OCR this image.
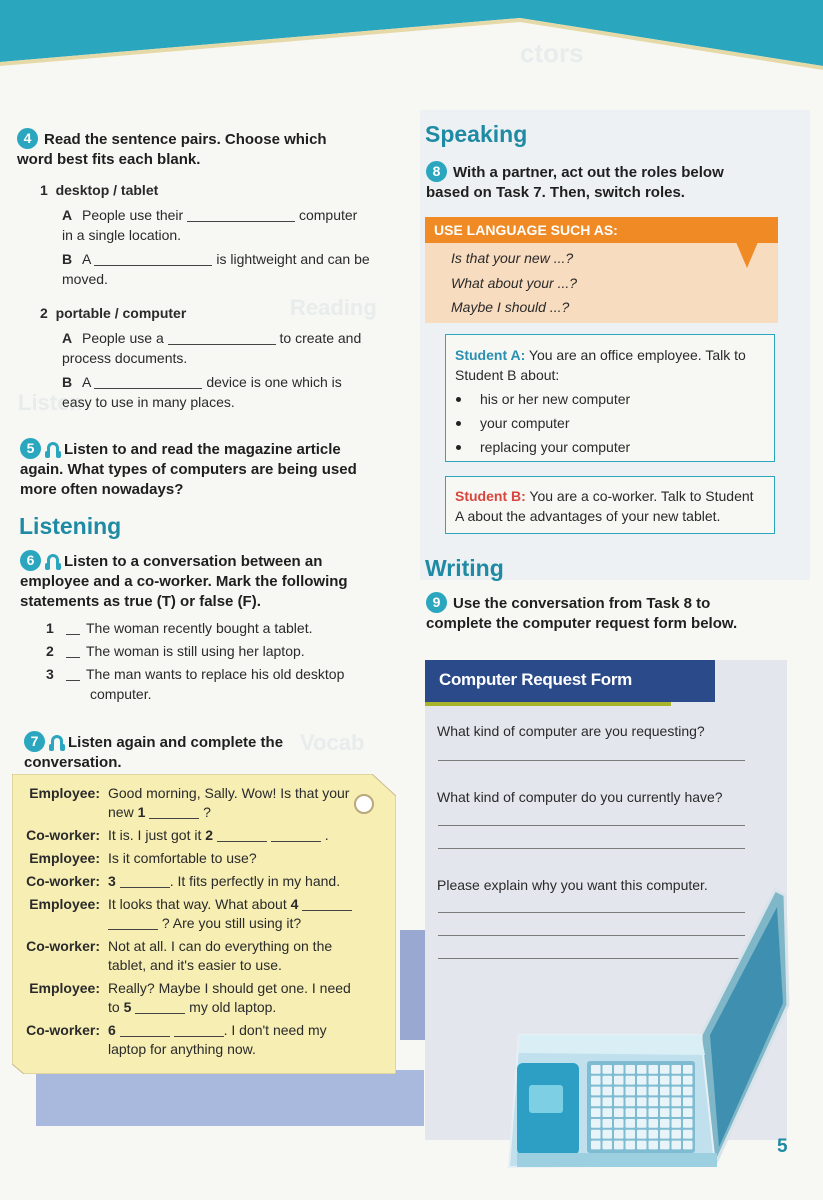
ctors
Reading
Listen
Vocab
4 Read the sentence pairs. Choose which word best fits each blank.
1 desktop / tablet
A People use their	computer in a single location.
B A	is lightweight and can be moved.
2 portable / computer
A People use a	to create and process documents.
B A	device is one which is easy to use in many places.
5 Listen to and read the magazine article again. What types of computers are being used more often nowadays?
Listening
6 Listen to a conversation between an employee and a co-worker. Mark the following statements as true (T) or false (F).
1 The woman recently bought a tablet.
2 The woman is still using her laptop.
3 The man wants to replace his old desktop computer.
7 Listen again and complete the conversation.
Employee:	Good morning, Sally. Wow! Is that your new 1 ?
Co-worker:	It is. I just got it 2 .
Employee:	Is it comfortable to use?
Co-worker:	3 . It fits perfectly in my hand.
Employee:	It looks that way. What about 4   ? Are you still using it?
Co-worker:	Not at all. I can do everything on the tablet, and it's easier to use.
Employee:	Really? Maybe I should get one. I need to 5 my old laptop.
Co-worker:	6 . I don't need my laptop for anything now.
Speaking
8 With a partner, act out the roles below based on Task 7. Then, switch roles.
USE LANGUAGE SUCH AS:
Is that your new ...?
What about your ...?
Maybe I should ...?
Student A: You are an office employee. Talk to Student B about:
his or her new computer
your computer
replacing your computer
Student B: You are a co-worker. Talk to Student A about the advantages of your new tablet.
Writing
9 Use the conversation from Task 8 to complete the computer request form below.
Computer Request Form
What kind of computer are you requesting?
What kind of computer do you currently have?
Please explain why you want this computer.
5
